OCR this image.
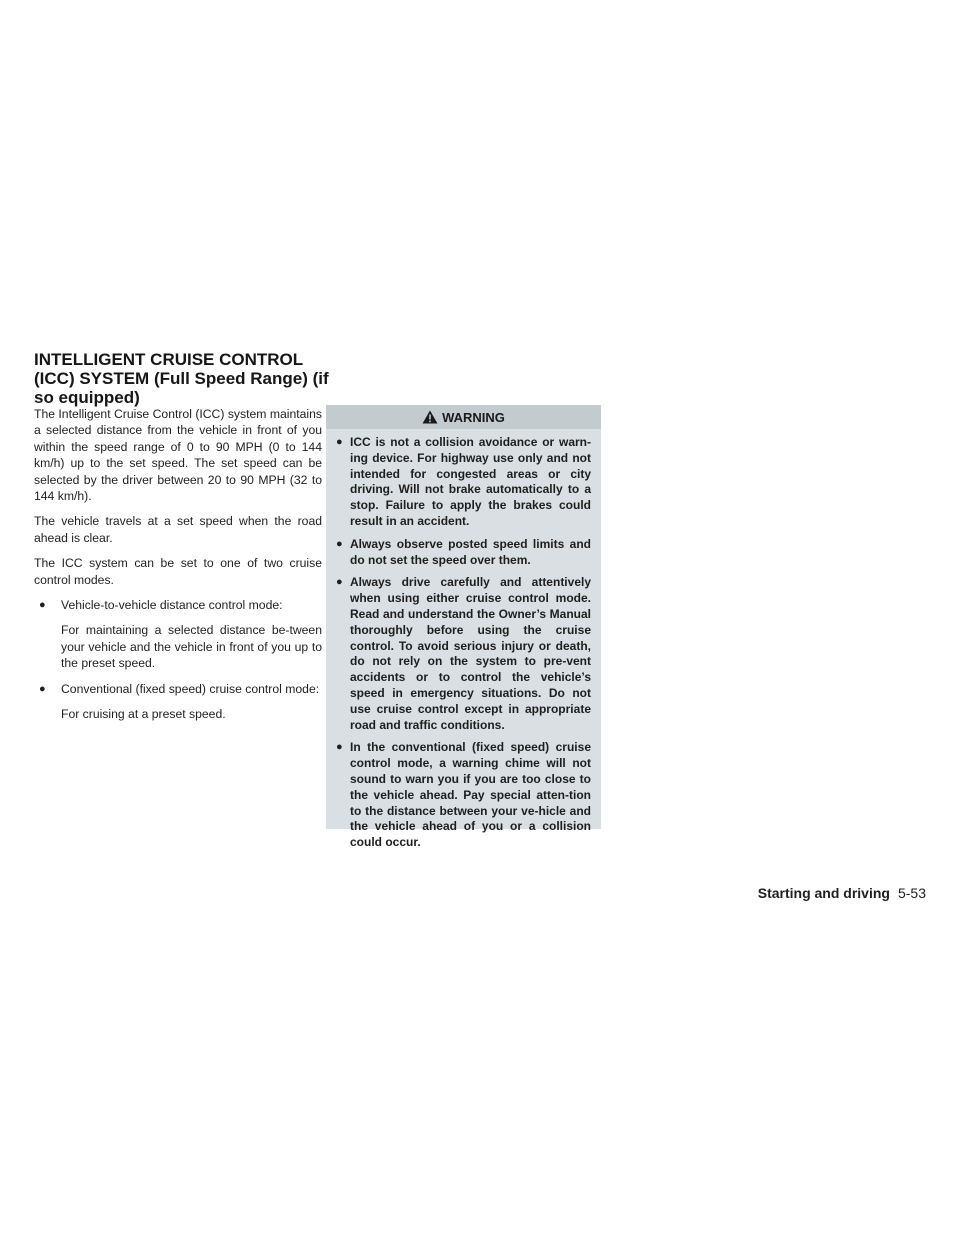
INTELLIGENT CRUISE CONTROL (ICC) SYSTEM (Full Speed Range) (if so equipped)

The Intelligent Cruise Control (ICC) system maintains a selected distance from the vehicle in front of you within the speed range of 0 to 90 MPH (0 to 144 km/h) up to the set speed. The set speed can be selected by the driver between 20 to 90 MPH (32 to 144 km/h).

The vehicle travels at a set speed when the road ahead is clear.

The ICC system can be set to one of two cruise control modes.

● Vehicle-to-vehicle distance control mode:
For maintaining a selected distance be-tween your vehicle and the vehicle in front of you up to the preset speed.
● Conventional (fixed speed) cruise control mode:
For cruising at a preset speed.
WARNING
● ICC is not a collision avoidance or warn-ing device. For highway use only and not intended for congested areas or city driving. Will not brake automatically to a stop. Failure to apply the brakes could result in an accident.
● Always observe posted speed limits and do not set the speed over them.
● Always drive carefully and attentively when using either cruise control mode. Read and understand the Owner’s Manual thoroughly before using the cruise control. To avoid serious injury or death, do not rely on the system to pre-vent accidents or to control the vehicle’s speed in emergency situations. Do not use cruise control except in appropriate road and traffic conditions.
● In the conventional (fixed speed) cruise control mode, a warning chime will not sound to warn you if you are too close to the vehicle ahead. Pay special atten-tion to the distance between your ve-hicle and the vehicle ahead of you or a collision could occur.
Starting and driving 5-53
